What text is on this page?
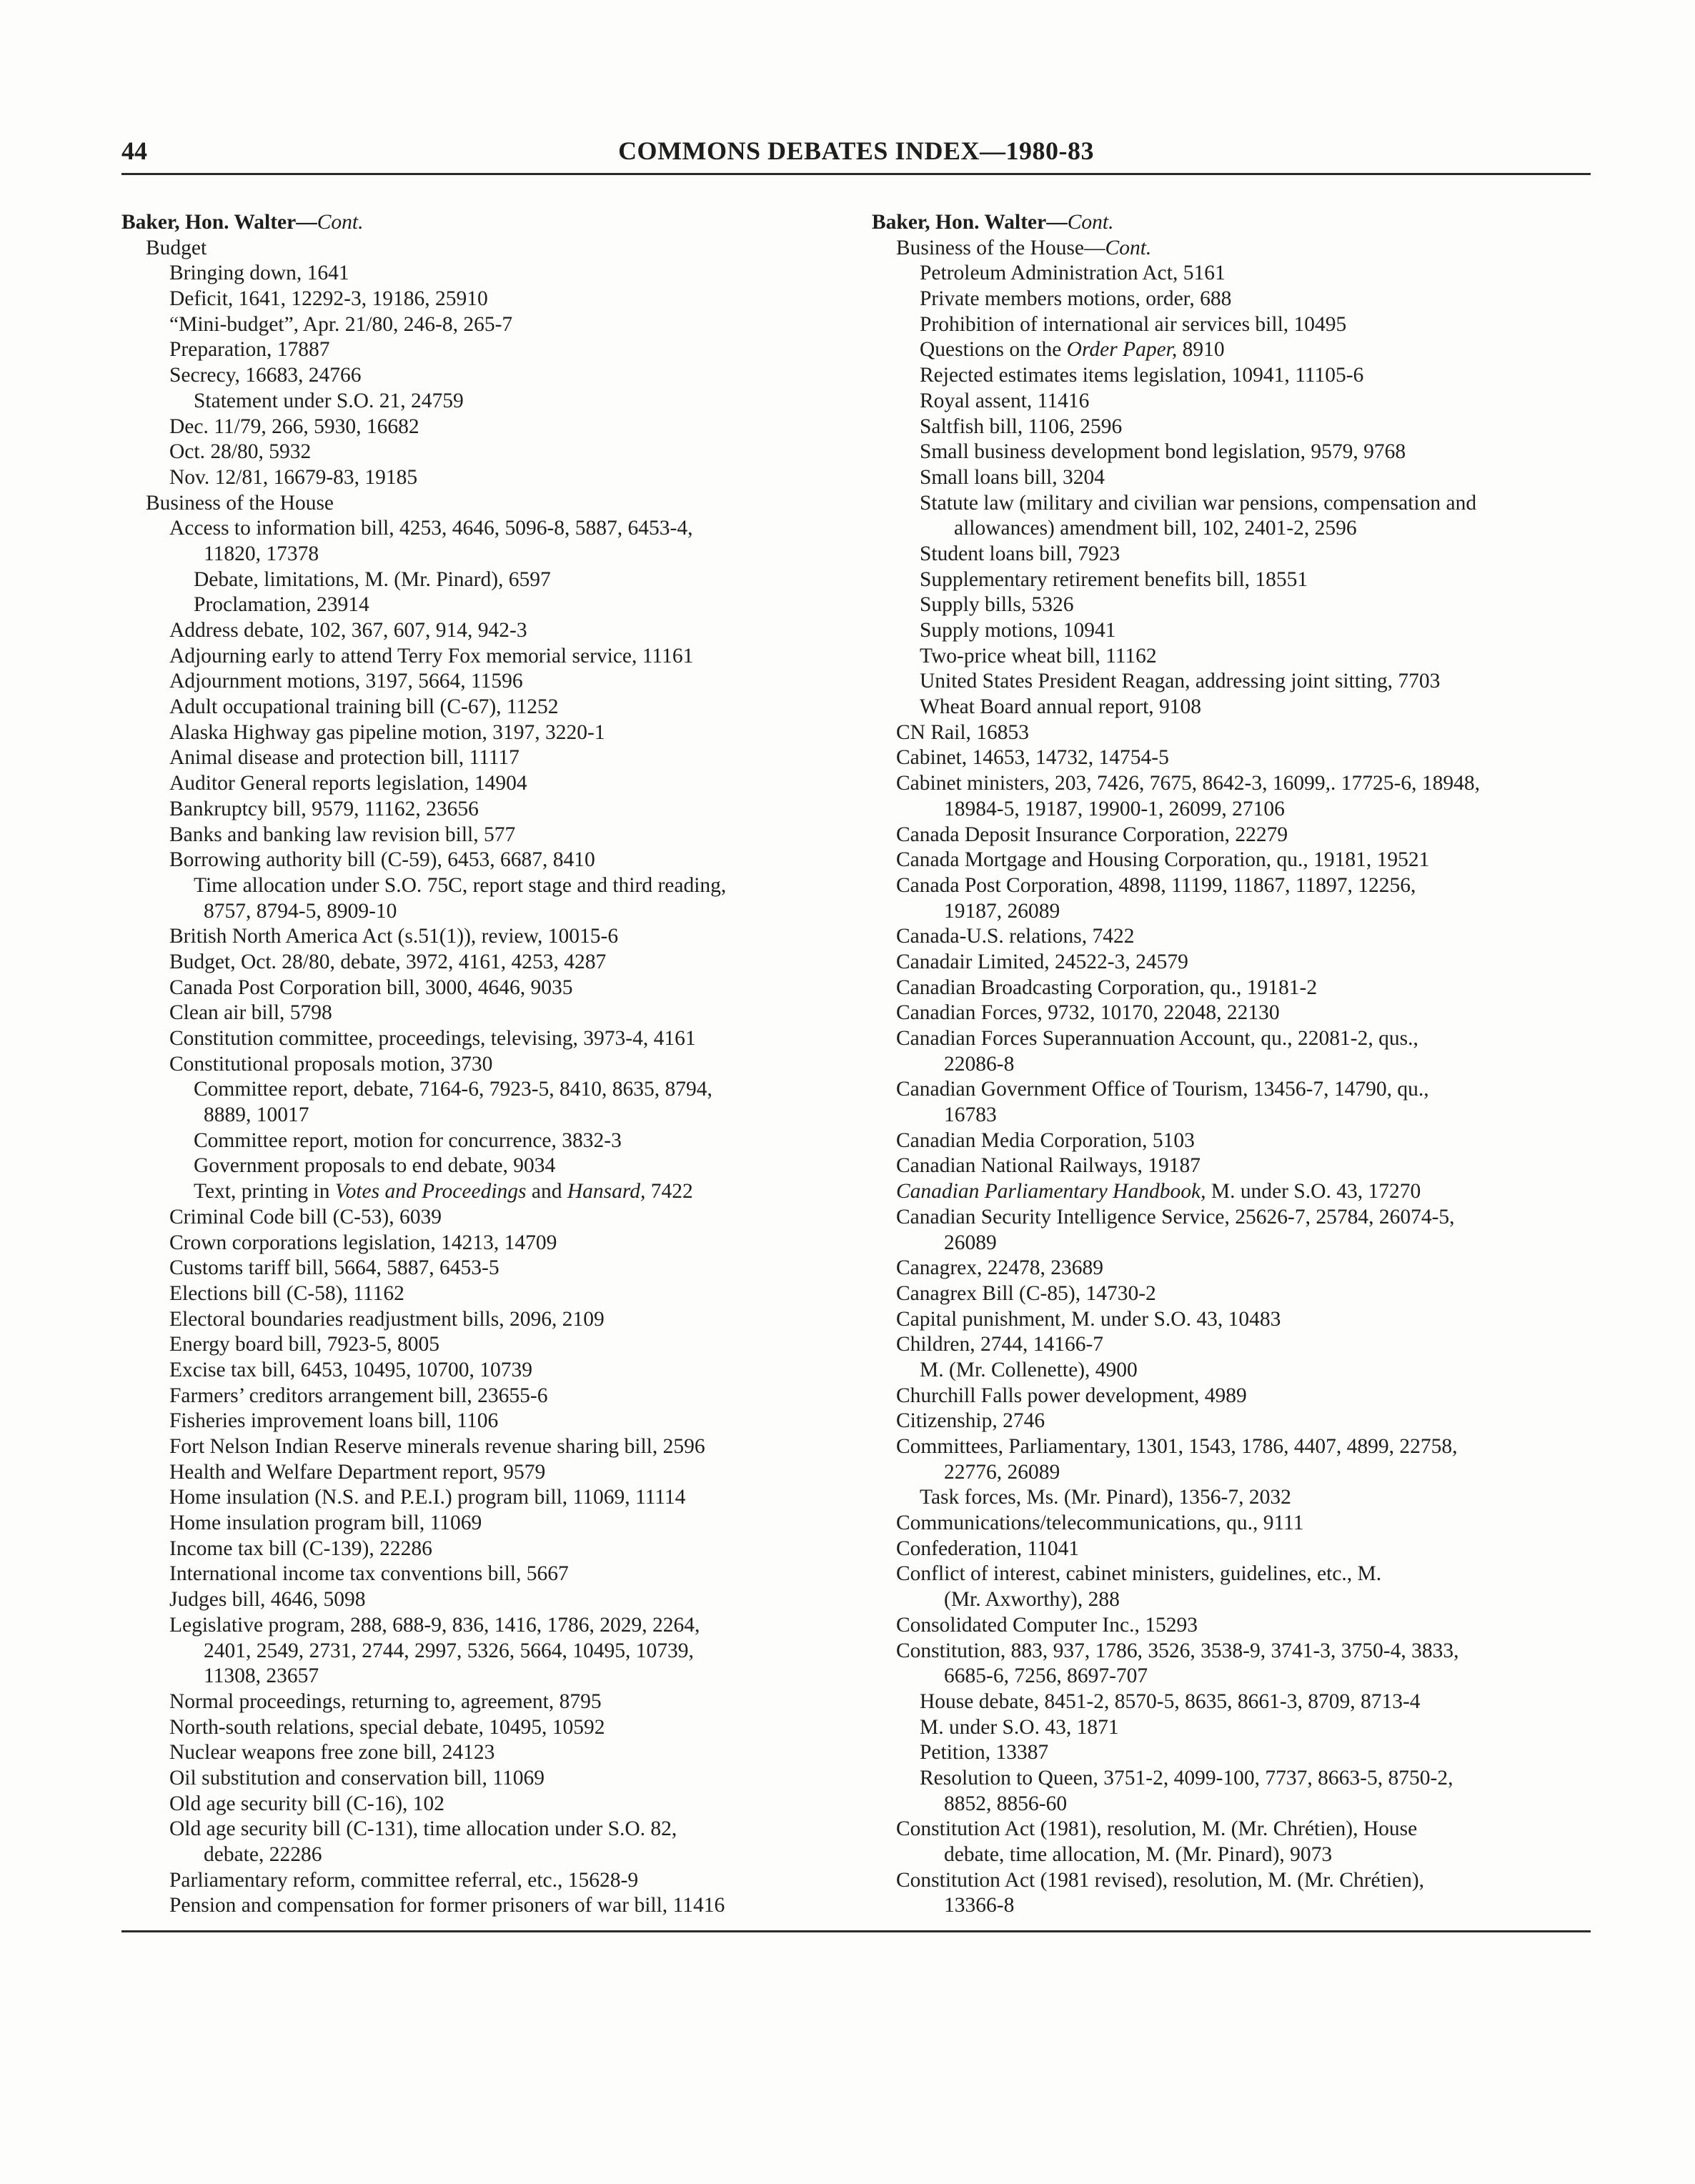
44	COMMONS DEBATES INDEX—1980-83
Baker, Hon. Walter—Cont.
Budget
Bringing down, 1641
Deficit, 1641, 12292-3, 19186, 25910
“Mini-budget”, Apr. 21/80, 246-8, 265-7
Preparation, 17887
Secrecy, 16683, 24766
Statement under S.O. 21, 24759
Dec. 11/79, 266, 5930, 16682
Oct. 28/80, 5932
Nov. 12/81, 16679-83, 19185
Business of the House
Access to information bill, 4253, 4646, 5096-8, 5887, 6453-4,
11820, 17378
Debate, limitations, M. (Mr. Pinard), 6597
Proclamation, 23914
Address debate, 102, 367, 607, 914, 942-3
Adjourning early to attend Terry Fox memorial service, 11161
Adjournment motions, 3197, 5664, 11596
Adult occupational training bill (C-67), 11252
Alaska Highway gas pipeline motion, 3197, 3220-1
Animal disease and protection bill, 11117
Auditor General reports legislation, 14904
Bankruptcy bill, 9579, 11162, 23656
Banks and banking law revision bill, 577
Borrowing authority bill (C-59), 6453, 6687, 8410
Time allocation under S.O. 75C, report stage and third reading,
8757, 8794-5, 8909-10
British North America Act (s.51(1)), review, 10015-6
Budget, Oct. 28/80, debate, 3972, 4161, 4253, 4287
Canada Post Corporation bill, 3000, 4646, 9035
Clean air bill, 5798
Constitution committee, proceedings, televising, 3973-4, 4161
Constitutional proposals motion, 3730
Committee report, debate, 7164-6, 7923-5, 8410, 8635, 8794,
8889, 10017
Committee report, motion for concurrence, 3832-3
Government proposals to end debate, 9034
Text, printing in Votes and Proceedings and Hansard, 7422
Criminal Code bill (C-53), 6039
Crown corporations legislation, 14213, 14709
Customs tariff bill, 5664, 5887, 6453-5
Elections bill (C-58), 11162
Electoral boundaries readjustment bills, 2096, 2109
Energy board bill, 7923-5, 8005
Excise tax bill, 6453, 10495, 10700, 10739
Farmers’ creditors arrangement bill, 23655-6
Fisheries improvement loans bill, 1106
Fort Nelson Indian Reserve minerals revenue sharing bill, 2596
Health and Welfare Department report, 9579
Home insulation (N.S. and P.E.I.) program bill, 11069, 11114
Home insulation program bill, 11069
Income tax bill (C-139), 22286
International income tax conventions bill, 5667
Judges bill, 4646, 5098
Legislative program, 288, 688-9, 836, 1416, 1786, 2029, 2264,
2401, 2549, 2731, 2744, 2997, 5326, 5664, 10495, 10739,
11308, 23657
Normal proceedings, returning to, agreement, 8795
North-south relations, special debate, 10495, 10592
Nuclear weapons free zone bill, 24123
Oil substitution and conservation bill, 11069
Old age security bill (C-16), 102
Old age security bill (C-131), time allocation under S.O. 82,
debate, 22286
Parliamentary reform, committee referral, etc., 15628-9
Pension and compensation for former prisoners of war bill, 11416
Baker, Hon. Walter—Cont.
Business of the House—Cont.
Petroleum Administration Act, 5161
Private members motions, order, 688
Prohibition of international air services bill, 10495
Questions on the Order Paper, 8910
Rejected estimates items legislation, 10941, 11105-6
Royal assent, 11416
Saltfish bill, 1106, 2596
Small business development bond legislation, 9579, 9768
Small loans bill, 3204
Statute law (military and civilian war pensions, compensation and
allowances) amendment bill, 102, 2401-2, 2596
Student loans bill, 7923
Supplementary retirement benefits bill, 18551
Supply bills, 5326
Supply motions, 10941
Two-price wheat bill, 11162
United States President Reagan, addressing joint sitting, 7703
Wheat Board annual report, 9108
CN Rail, 16853
Cabinet, 14653, 14732, 14754-5
Cabinet ministers, 203, 7426, 7675, 8642-3, 16099,. 17725-6, 18948,
18984-5, 19187, 19900-1, 26099, 27106
Canada Deposit Insurance Corporation, 22279
Canada Mortgage and Housing Corporation, qu., 19181, 19521
Canada Post Corporation, 4898, 11199, 11867, 11897, 12256,
19187, 26089
Canada-U.S. relations, 7422
Canadair Limited, 24522-3, 24579
Canadian Broadcasting Corporation, qu., 19181-2
Canadian Forces, 9732, 10170, 22048, 22130
Canadian Forces Superannuation Account, qu., 22081-2, qus.,
22086-8
Canadian Government Office of Tourism, 13456-7, 14790, qu.,
16783
Canadian Media Corporation, 5103
Canadian National Railways, 19187
Canadian Parliamentary Handbook, M. under S.O. 43, 17270
Canadian Security Intelligence Service, 25626-7, 25784, 26074-5,
26089
Canagrex, 22478, 23689
Canagrex Bill (C-85), 14730-2
Capital punishment, M. under S.O. 43, 10483
Children, 2744, 14166-7
M. (Mr. Collenette), 4900
Churchill Falls power development, 4989
Citizenship, 2746
Committees, Parliamentary, 1301, 1543, 1786, 4407, 4899, 22758,
22776, 26089
Task forces, Ms. (Mr. Pinard), 1356-7, 2032
Communications/telecommunications, qu., 9111
Confederation, 11041
Conflict of interest, cabinet ministers, guidelines, etc., M.
(Mr. Axworthy), 288
Consolidated Computer Inc., 15293
Constitution, 883, 937, 1786, 3526, 3538-9, 3741-3, 3750-4, 3833,
6685-6, 7256, 8697-707
House debate, 8451-2, 8570-5, 8635, 8661-3, 8709, 8713-4
M. under S.O. 43, 1871
Petition, 13387
Resolution to Queen, 3751-2, 4099-100, 7737, 8663-5, 8750-2,
8852, 8856-60
Constitution Act (1981), resolution, M. (Mr. Chrétien), House
debate, time allocation, M. (Mr. Pinard), 9073
Constitution Act (1981 revised), resolution, M. (Mr. Chrétien),
13366-8
